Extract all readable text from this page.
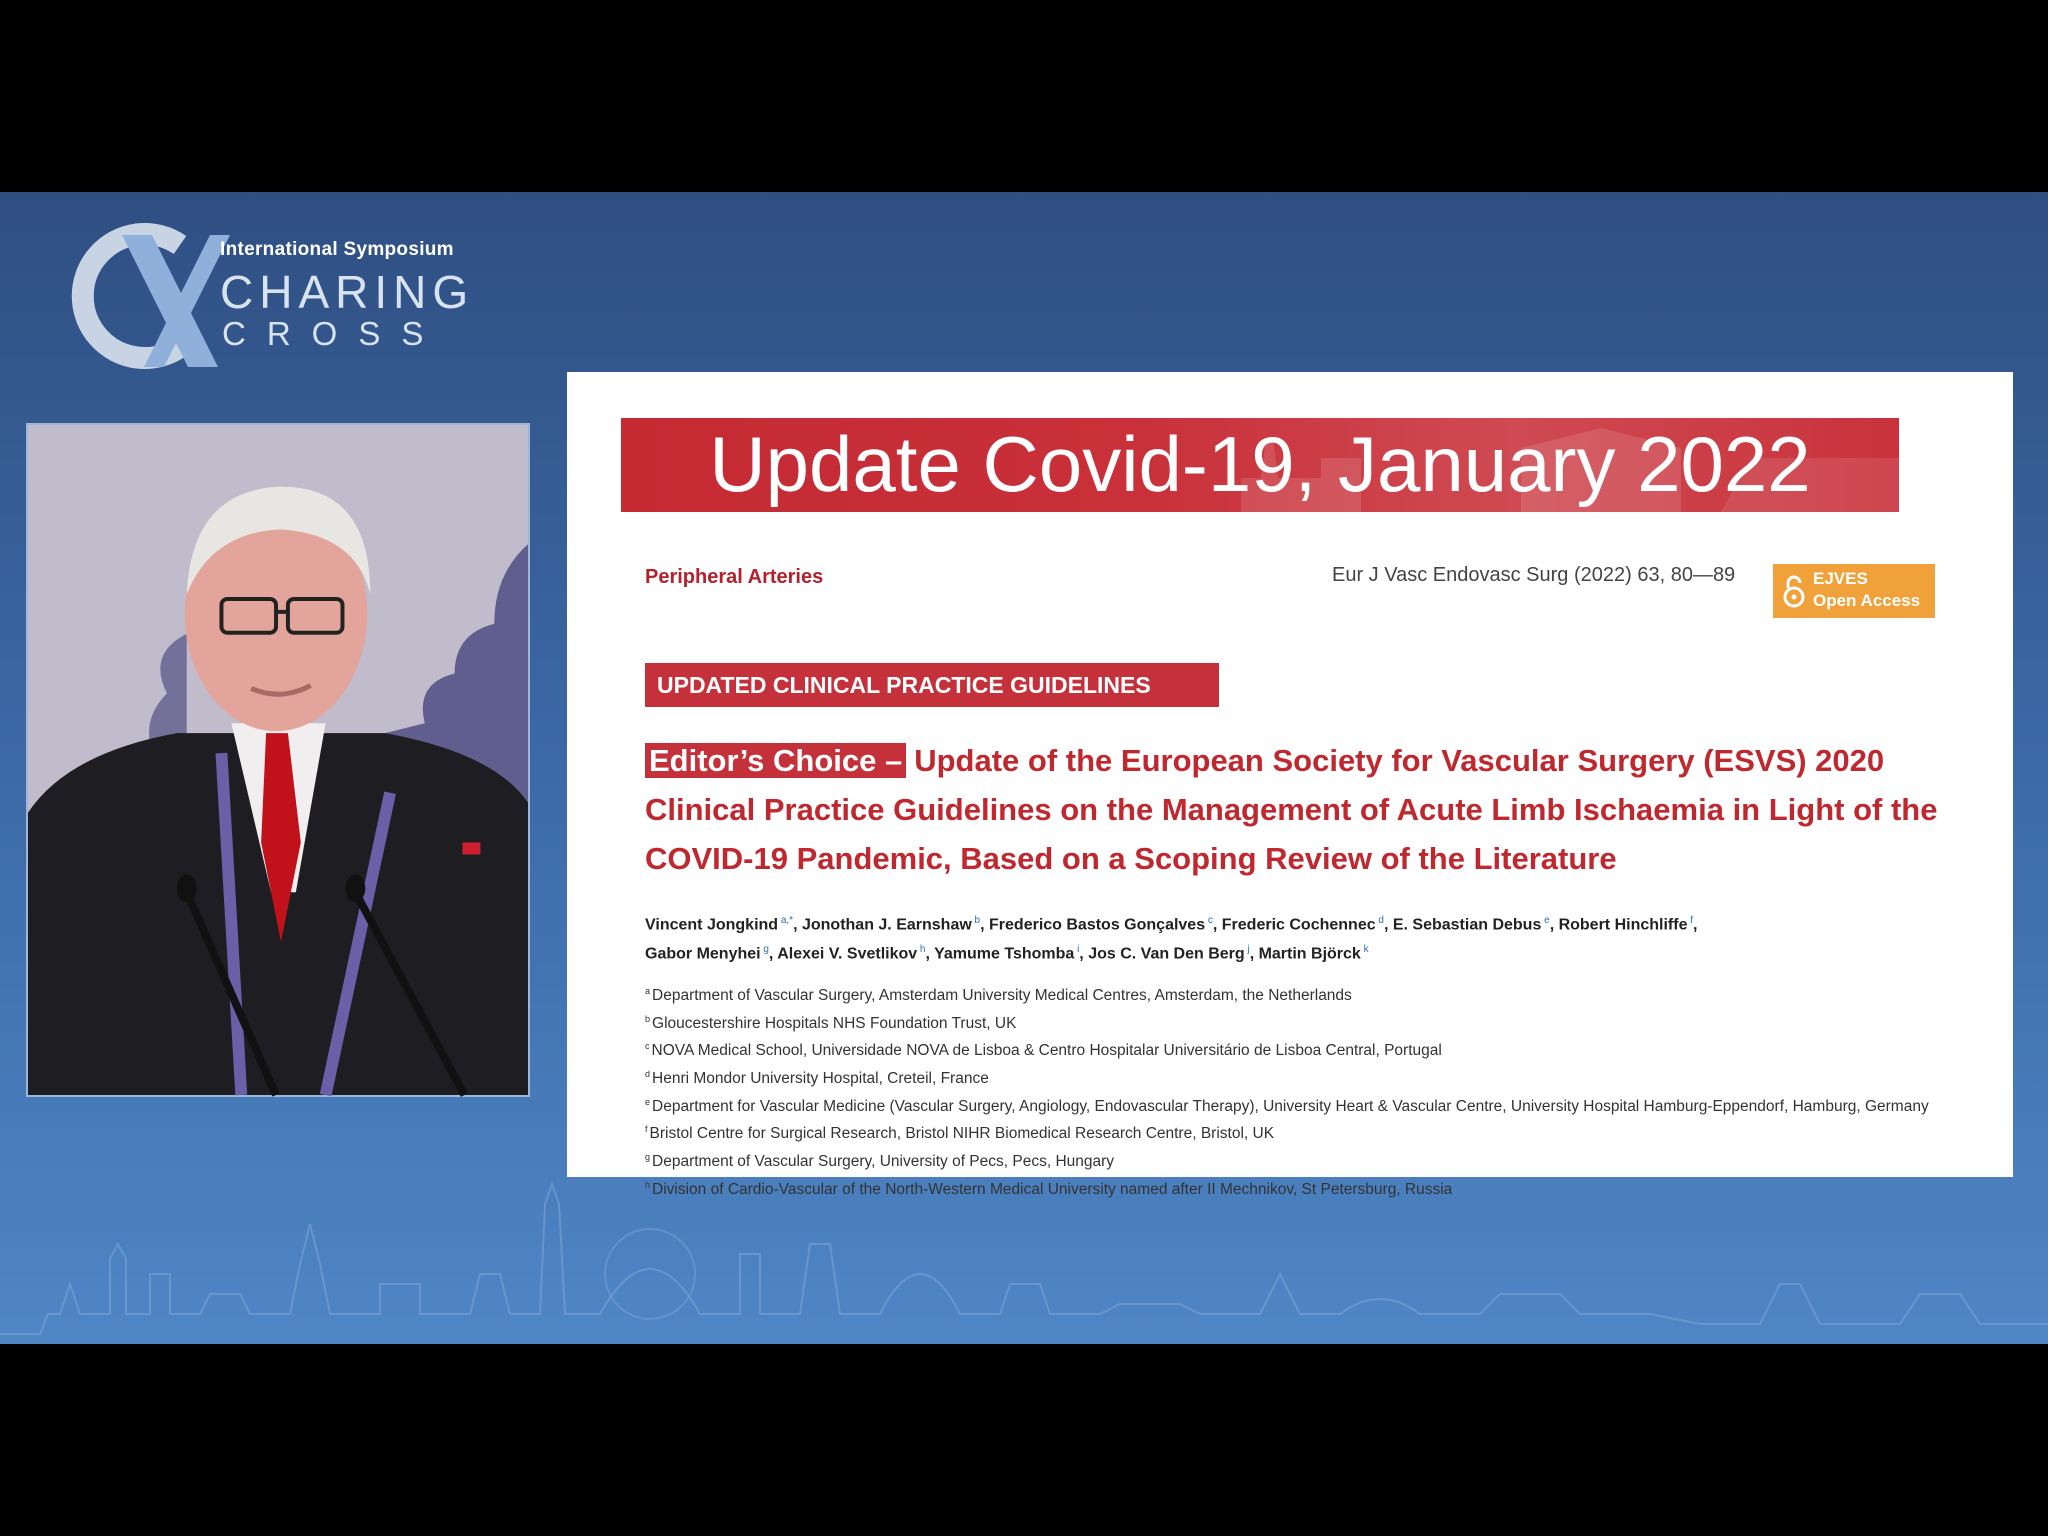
International Symposium
CHARING
CROSS
Update Covid-19, January 2022
Peripheral Arteries	Eur J Vasc Endovasc Surg (2022) 63, 80—89	EJVES
Open Access
UPDATED CLINICAL PRACTICE GUIDELINES
Editor’s Choice – Update of the European Society for Vascular Surgery (ESVS) 2020 Clinical Practice Guidelines on the Management of Acute Limb Ischaemia in Light of the COVID-19 Pandemic, Based on a Scoping Review of the Literature
Vincent Jongkind $^{a,*}$, Jonothan J. Earnshaw $^b$, Frederico Bastos Gonçalves $^c$, Frederic Cochennec $^d$, E. Sebastian Debus $^e$, Robert Hinchliffe $^f$,
Gabor Menyhei $^g$, Alexei V. Svetlikov $^h$, Yamume Tshomba $^i$, Jos C. Van Den Berg $^j$, Martin Björck $^k$
$^a$ Department of Vascular Surgery, Amsterdam University Medical Centres, Amsterdam, the Netherlands
$^b$ Gloucestershire Hospitals NHS Foundation Trust, UK
$^c$ NOVA Medical School, Universidade NOVA de Lisboa & Centro Hospitalar Universitário de Lisboa Central, Portugal
$^d$ Henri Mondor University Hospital, Creteil, France
$^e$ Department for Vascular Medicine (Vascular Surgery, Angiology, Endovascular Therapy), University Heart & Vascular Centre, University Hospital Hamburg-Eppendorf, Hamburg, Germany
$^f$ Bristol Centre for Surgical Research, Bristol NIHR Biomedical Research Centre, Bristol, UK
$^g$ Department of Vascular Surgery, University of Pecs, Pecs, Hungary
$^h$ Division of Cardio-Vascular of the North-Western Medical University named after II Mechnikov, St Petersburg, Russia
